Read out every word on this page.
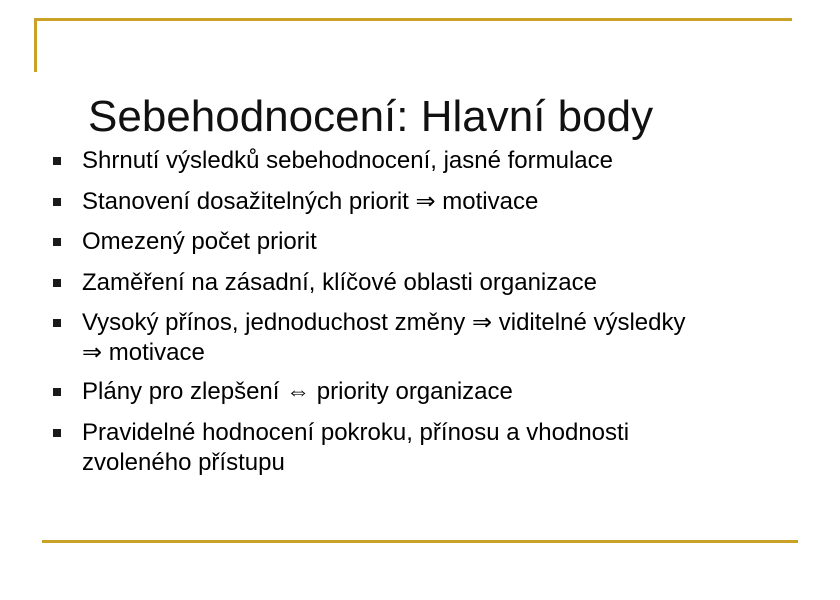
Sebehodnocení: Hlavní body
Shrnutí výsledků sebehodnocení, jasné formulace
Stanovení dosažitelných priorit ⇒ motivace
Omezený počet priorit
Zaměření na zásadní, klíčové oblasti organizace
Vysoký přínos, jednoduchost změny ⇒ viditelné výsledky
⇒ motivace
Plány pro zlepšení ⇔ priority organizace
Pravidelné hodnocení pokroku, přínosu a vhodnosti
zvoleného přístupu
